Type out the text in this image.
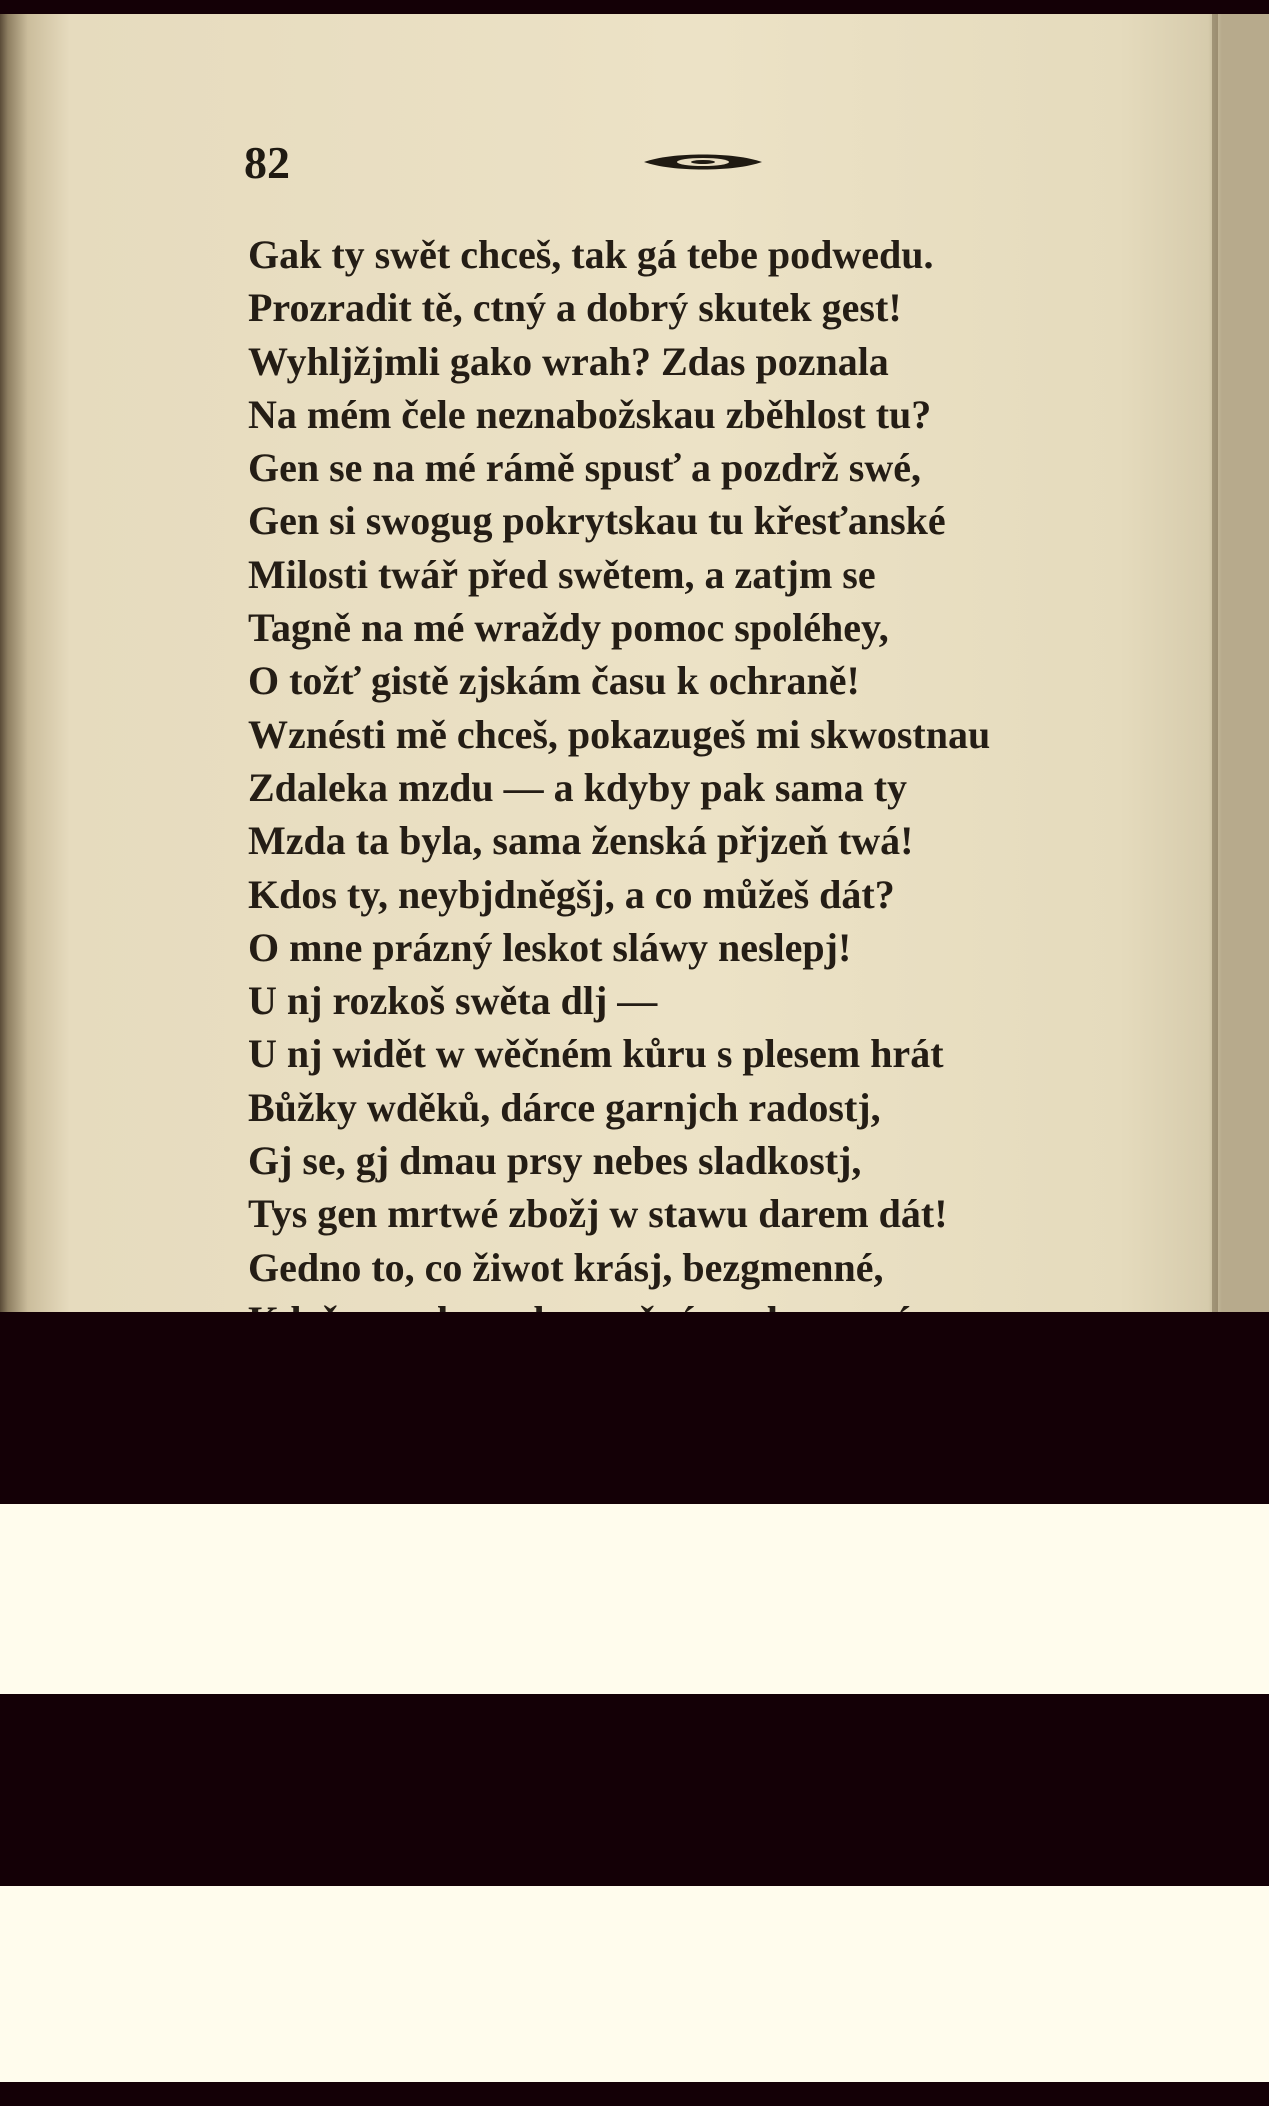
82
Gak ty swět chceš, tak gá tebe podwedu.
Prozradit tě, ctný a dobrý skutek gest!
Wyhljžjmli gako wrah? Zdas poznala
Na mém čele neznabožskau zběhlost tu?
Gen se na mé rámě spusť a pozdrž swé,
Gen si swogug pokrytskau tu křesťanské
Milosti twář před swětem, a zatjm se
Tagně na mé wraždy pomoc spoléhey,
O tožť gistě zjskám času k ochraně!
Wznésti mě chceš, pokazugeš mi skwostnau
Zdaleka mzdu — a kdyby pak sama ty
Mzda ta byla, sama ženská přjzeň twá!
Kdos ty, neybjdněgšj, a co můžeš dát?
O mne prázný leskot sláwy neslepj!
U nj rozkoš swěta dlj —
U nj widět w wěčném kůru s plesem hrát
Bůžky wděků, dárce garnjch radostj,
Gj se, gj dmau prsy nebes sladkostj,
Tys gen mrtwé zbožj w stawu darem dát!
Gedno to, co žiwot krásj, bezgmenné,
